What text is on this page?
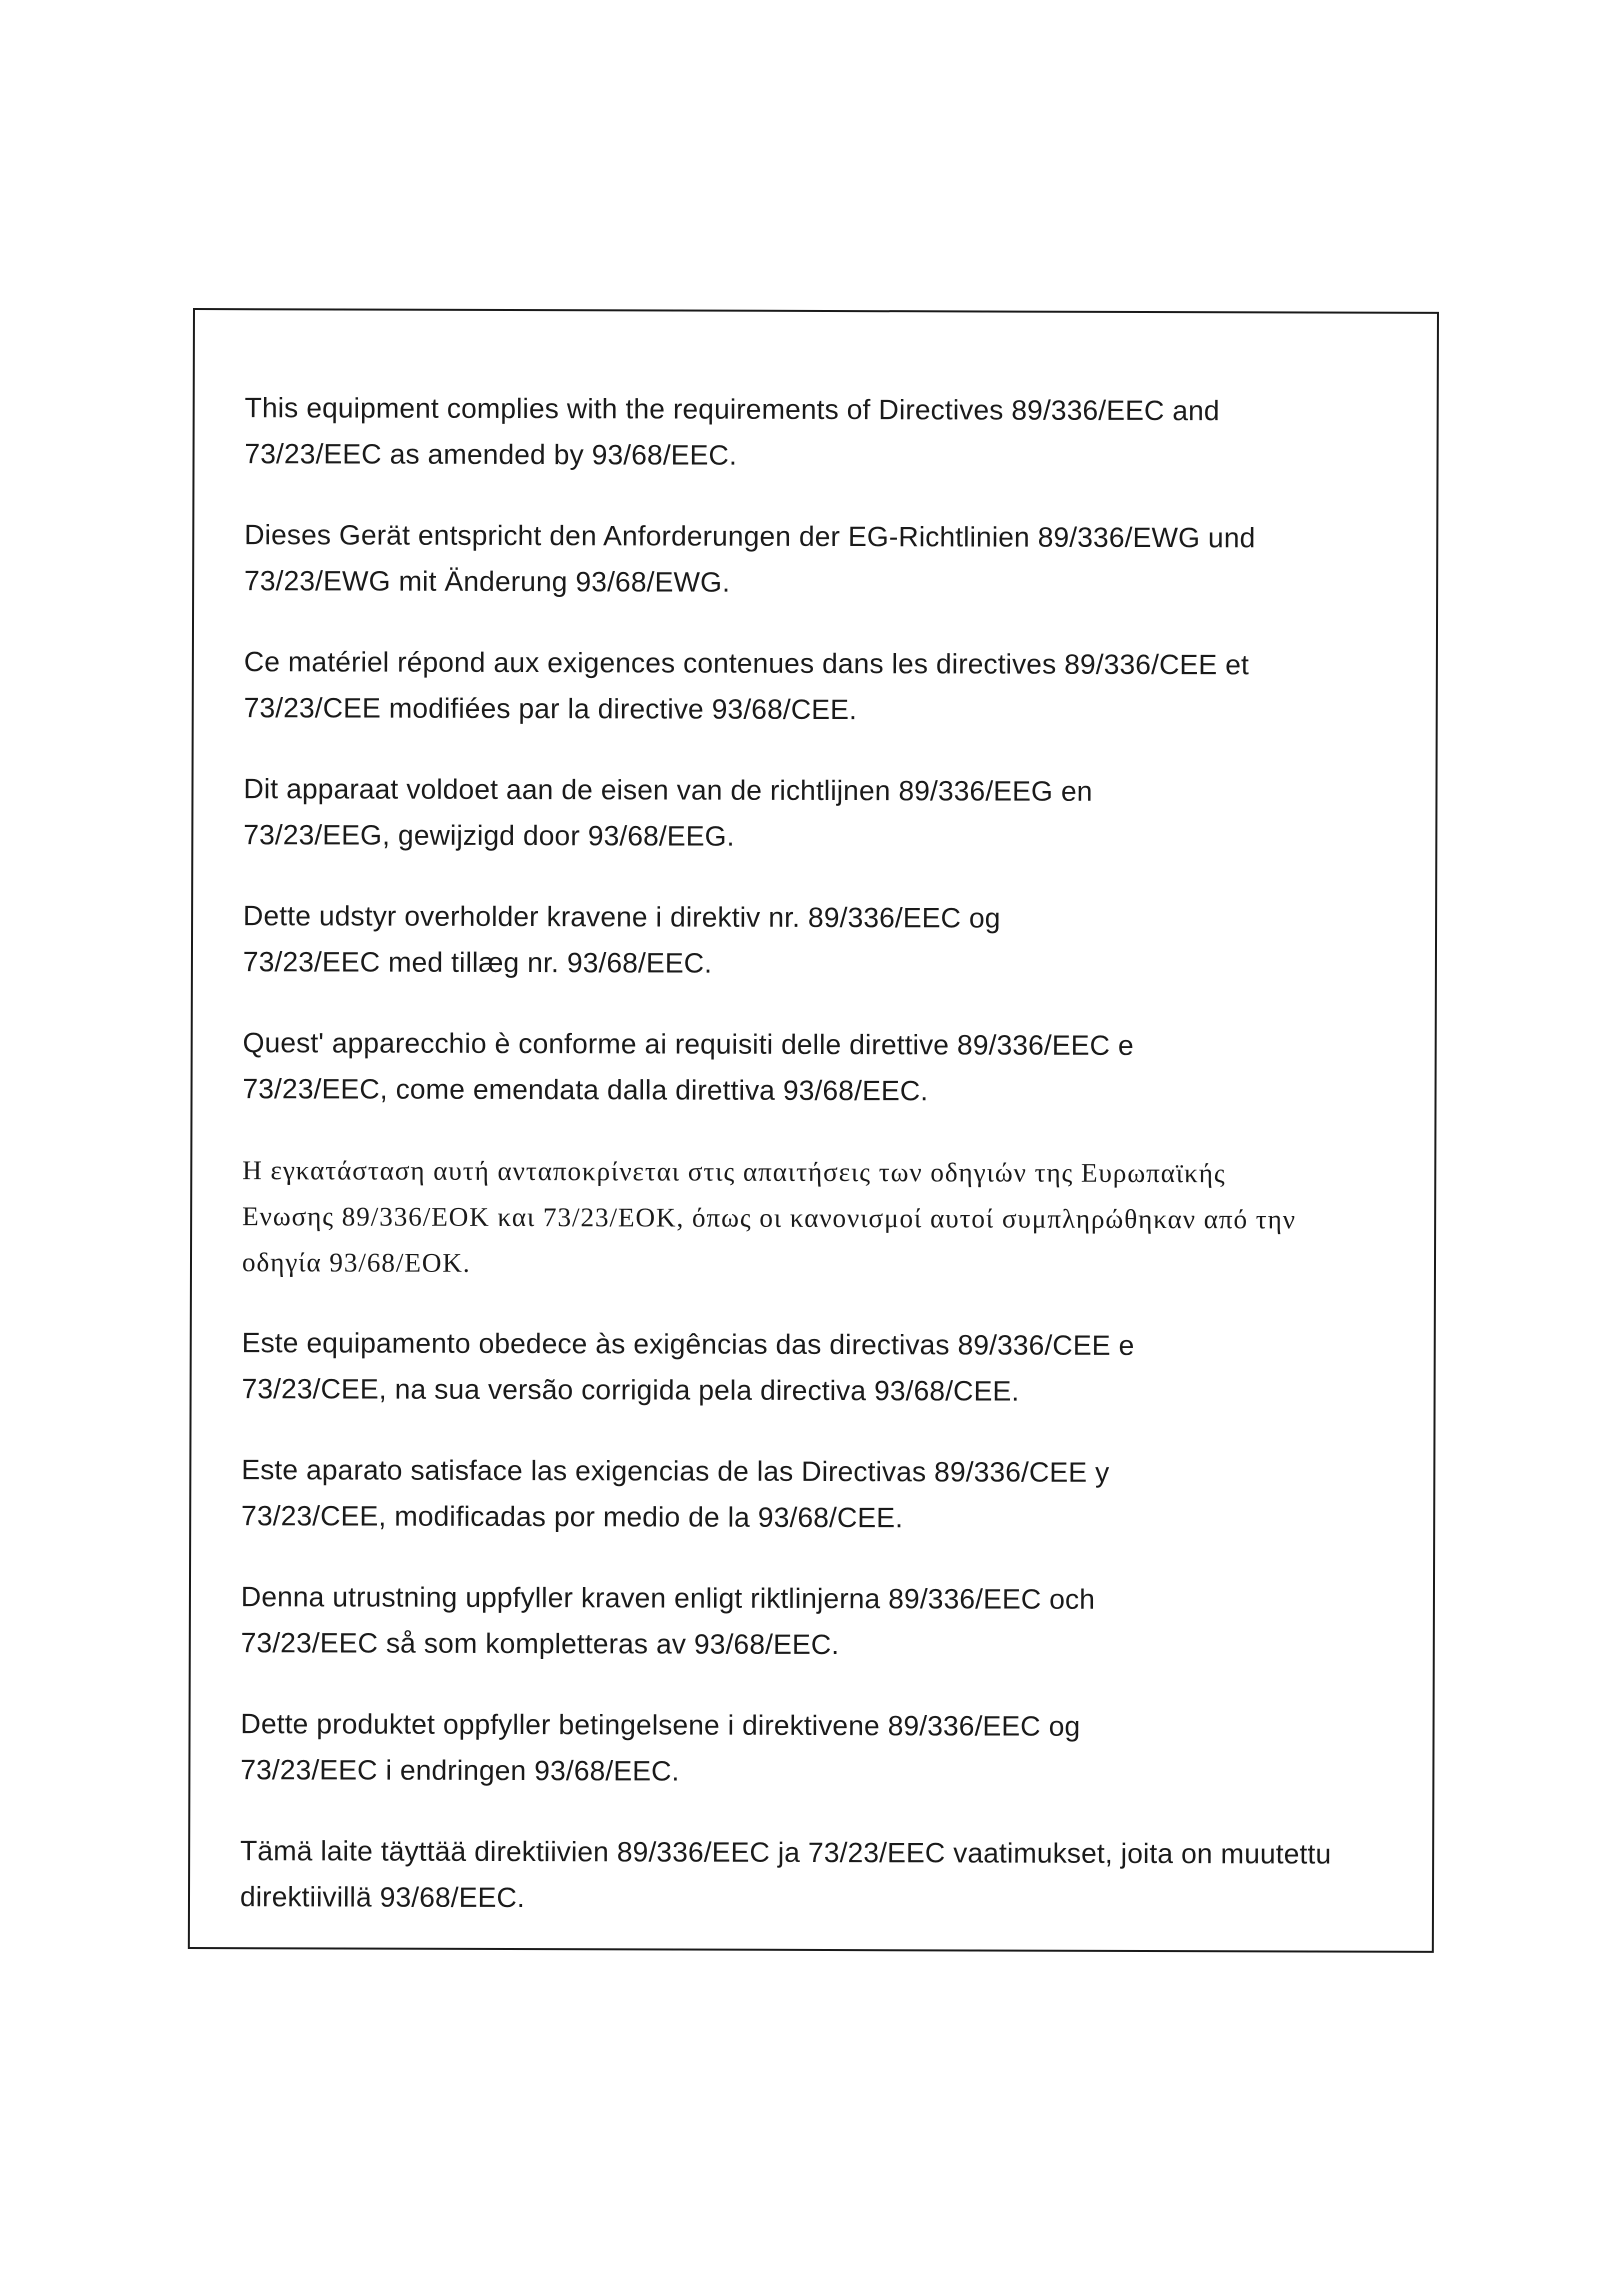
This equipment complies with the requirements of Directives 89/336/EEC and
73/23/EEC as amended by 93/68/EEC.

Dieses Gerät entspricht den Anforderungen der EG-Richtlinien 89/336/EWG und
73/23/EWG mit Änderung 93/68/EWG.

Ce matériel répond aux exigences contenues dans les directives 89/336/CEE et
73/23/CEE modifiées par la directive 93/68/CEE.

Dit apparaat voldoet aan de eisen van de richtlijnen 89/336/EEG en
73/23/EEG, gewijzigd door 93/68/EEG.

Dette udstyr overholder kravene i direktiv nr. 89/336/EEC og
73/23/EEC med tillæg nr. 93/68/EEC.

Quest' apparecchio è conforme ai requisiti delle direttive 89/336/EEC e
73/23/EEC, come emendata dalla direttiva 93/68/EEC.

Η εγκατάσταση αυτή ανταποκρίνεται στις απαιτήσεις των οδηγιών της Ευρωπαϊκής
Ενωσης 89/336/ΕΟΚ και 73/23/ΕΟΚ, όπως οι κανονισμοί αυτοί συμπληρώθηκαν από την
οδηγία 93/68/ΕΟΚ.

Este equipamento obedece às exigências das directivas 89/336/CEE e
73/23/CEE, na sua versão corrigida pela directiva 93/68/CEE.

Este aparato satisface las exigencias de las Directivas 89/336/CEE y
73/23/CEE, modificadas por medio de la 93/68/CEE.

Denna utrustning uppfyller kraven enligt riktlinjerna 89/336/EEC och
73/23/EEC så som kompletteras av 93/68/EEC.

Dette produktet oppfyller betingelsene i direktivene 89/336/EEC og
73/23/EEC i endringen 93/68/EEC.

Tämä laite täyttää direktiivien 89/336/EEC ja 73/23/EEC vaatimukset, joita on muutettu
direktiivillä 93/68/EEC.
